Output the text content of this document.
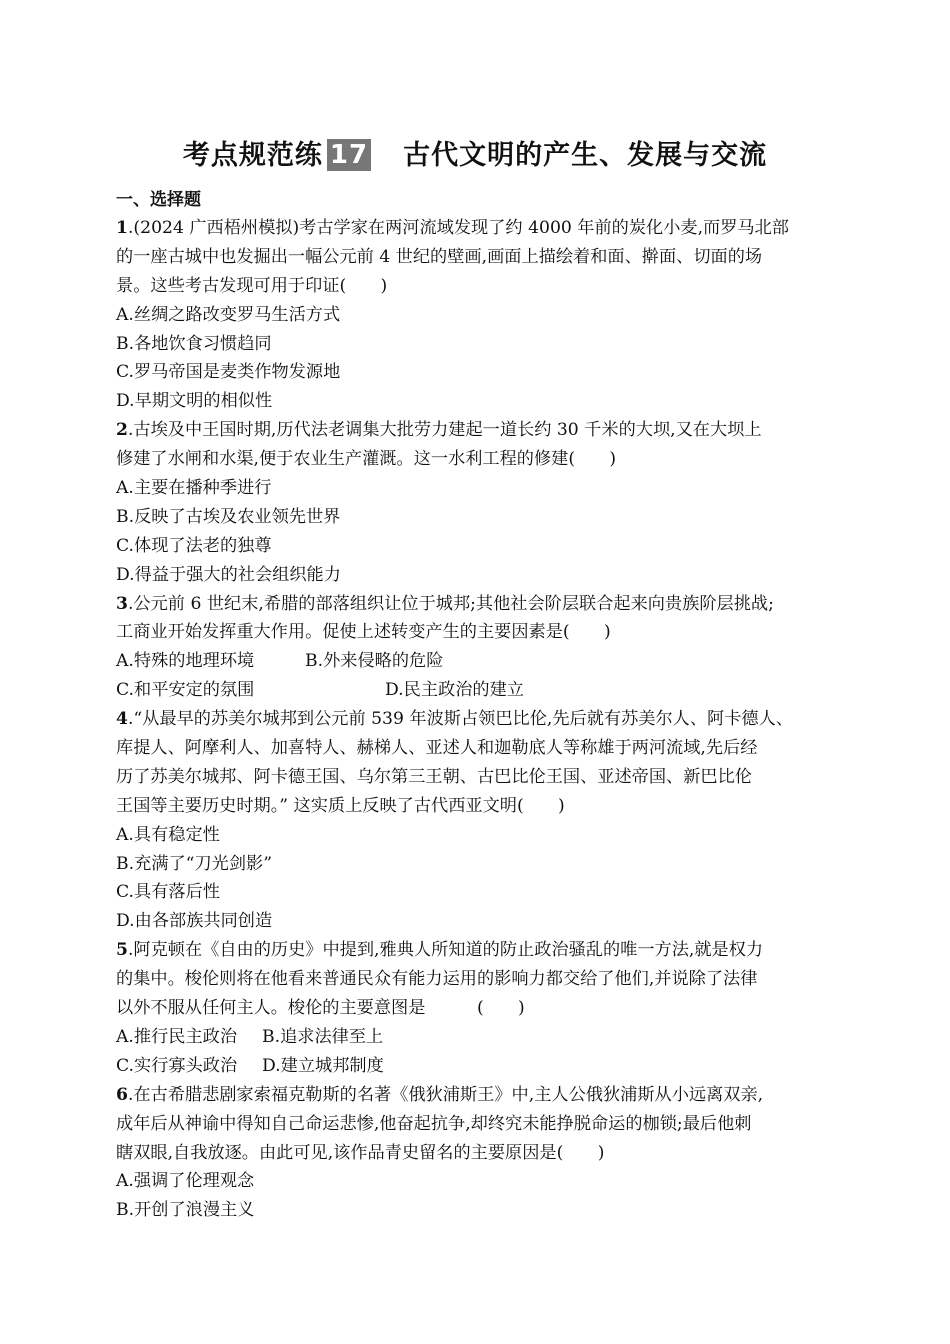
考点规范练 17 古代文明的产生、发展与交流
一、选择题
1.(2024 广西梧州模拟)考古学家在两河流域发现了约 4000 年前的炭化小麦,而罗马北部
的一座古城中也发掘出一幅公元前 4 世纪的壁画,画面上描绘着和面、擀面、切面的场
景。这些考古发现可用于印证(　　)
A.丝绸之路改变罗马生活方式
B.各地饮食习惯趋同
C.罗马帝国是麦类作物发源地
D.早期文明的相似性
2.古埃及中王国时期,历代法老调集大批劳力建起一道长约 30 千米的大坝,又在大坝上
修建了水闸和水渠,便于农业生产灌溉。这一水利工程的修建(　　)
A.主要在播种季进行
B.反映了古埃及农业领先世界
C.体现了法老的独尊
D.得益于强大的社会组织能力
3.公元前 6 世纪末,希腊的部落组织让位于城邦;其他社会阶层联合起来向贵族阶层挑战;
工商业开始发挥重大作用。促使上述转变产生的主要因素是(　　)
A.特殊的地理环境	B.外来侵略的危险
C.和平安定的氛围	D.民主政治的建立
4.“从最早的苏美尔城邦到公元前 539 年波斯占领巴比伦,先后就有苏美尔人、阿卡德人、
库提人、阿摩利人、加喜特人、赫梯人、亚述人和迦勒底人等称雄于两河流域,先后经
历了苏美尔城邦、阿卡德王国、乌尔第三王朝、古巴比伦王国、亚述帝国、新巴比伦
王国等主要历史时期。” 这实质上反映了古代西亚文明(　　)
A.具有稳定性
B.充满了“刀光剑影”
C.具有落后性
D.由各部族共同创造
5.阿克顿在《自由的历史》中提到,雅典人所知道的防止政治骚乱的唯一方法,就是权力
的集中。梭伦则将在他看来普通民众有能力运用的影响力都交给了他们,并说除了法律
以外不服从任何主人。梭伦的主要意图是　　　(　　)
A.推行民主政治 B.追求法律至上
C.实行寡头政治 D.建立城邦制度
6.在古希腊悲剧家索福克勒斯的名著《俄狄浦斯王》中,主人公俄狄浦斯从小远离双亲,
成年后从神谕中得知自己命运悲惨,他奋起抗争,却终究未能挣脱命运的枷锁;最后他刺
瞎双眼,自我放逐。由此可见,该作品青史留名的主要原因是(　　)
A.强调了伦理观念
B.开创了浪漫主义
